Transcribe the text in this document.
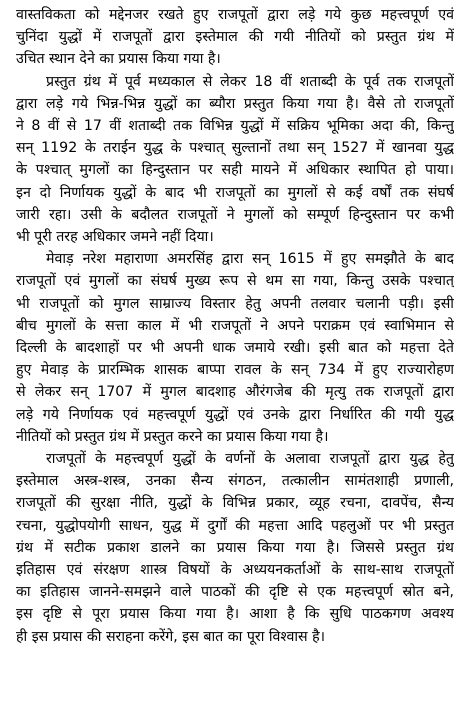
वास्तविकता को मद्देनजर रखते हुए राजपूतों द्वारा लड़े गये कुछ महत्त्वपूर्ण एवं
चुनिंदा युद्धों में राजपूतों द्वारा इस्तेमाल की गयी नीतियों को प्रस्तुत ग्रंथ में
उचित स्थान देने का प्रयास किया गया है।
प्रस्तुत ग्रंथ में पूर्व मध्यकाल से लेकर 18 वीं शताब्दी के पूर्व तक राजपूतों
द्वारा लड़े गये भिन्न-भिन्न युद्धों का ब्यौरा प्रस्तुत किया गया है। वैसे तो राजपूतों
ने 8 वीं से 17 वीं शताब्दी तक विभिन्न युद्धों में सक्रिय भूमिका अदा की, किन्तु
सन् 1192 के तराईन युद्ध के पश्चात् सुल्तानों तथा सन् 1527 में खानवा युद्ध
के पश्चात् मुगलों का हिन्दुस्तान पर सही मायने में अधिकार स्थापित हो पाया।
इन दो निर्णायक युद्धों के बाद भी राजपूतों का मुगलों से कई वर्षों तक संघर्ष
जारी रहा। उसी के बदौलत राजपूतों ने मुगलों को सम्पूर्ण हिन्दुस्तान पर कभी
भी पूरी तरह अधिकार जमने नहीं दिया।
मेवाड़ नरेश महाराणा अमरसिंह द्वारा सन् 1615 में हुए समझौते के बाद
राजपूतों एवं मुगलों का संघर्ष मुख्य रूप से थम सा गया, किन्तु उसके पश्चात्
भी राजपूतों को मुगल साम्राज्य विस्तार हेतु अपनी तलवार चलानी पड़ी। इसी
बीच मुगलों के सत्ता काल में भी राजपूतों ने अपने पराक्रम एवं स्वाभिमान से
दिल्ली के बादशाहों पर भी अपनी धाक जमाये रखी। इसी बात को महत्ता देते
हुए मेवाड़ के प्रारम्भिक शासक बाप्पा रावल के सन् 734 में हुए राज्यारोहण
से लेकर सन् 1707 में मुगल बादशाह औरंगजेब की मृत्यु तक राजपूतों द्वारा
लड़े गये निर्णायक एवं महत्त्वपूर्ण युद्धों एवं उनके द्वारा निर्धारित की गयी युद्ध
नीतियों को प्रस्तुत ग्रंथ में प्रस्तुत करने का प्रयास किया गया है।
राजपूतों के महत्त्वपूर्ण युद्धों के वर्णनों के अलावा राजपूतों द्वारा युद्ध हेतु
इस्तेमाल अस्त्र-शस्त्र, उनका सैन्य संगठन, तत्कालीन सामंतशाही प्रणाली,
राजपूतों की सुरक्षा नीति, युद्धों के विभिन्न प्रकार, व्यूह रचना, दावपेंच, सैन्य
रचना, युद्धोपयोगी साधन, युद्ध में दुर्गों की महत्ता आदि पहलुओं पर भी प्रस्तुत
ग्रंथ में सटीक प्रकाश डालने का प्रयास किया गया है। जिससे प्रस्तुत ग्रंथ
इतिहास एवं संरक्षण शास्त्र विषयों के अध्ययनकर्ताओं के साथ-साथ राजपूतों
का इतिहास जानने-समझने वाले पाठकों की दृष्टि से एक महत्त्वपूर्ण स्रोत बने,
इस दृष्टि से पूरा प्रयास किया गया है। आशा है कि सुधि पाठकगण अवश्य
ही इस प्रयास की सराहना करेंगे, इस बात का पूरा विश्वास है।
